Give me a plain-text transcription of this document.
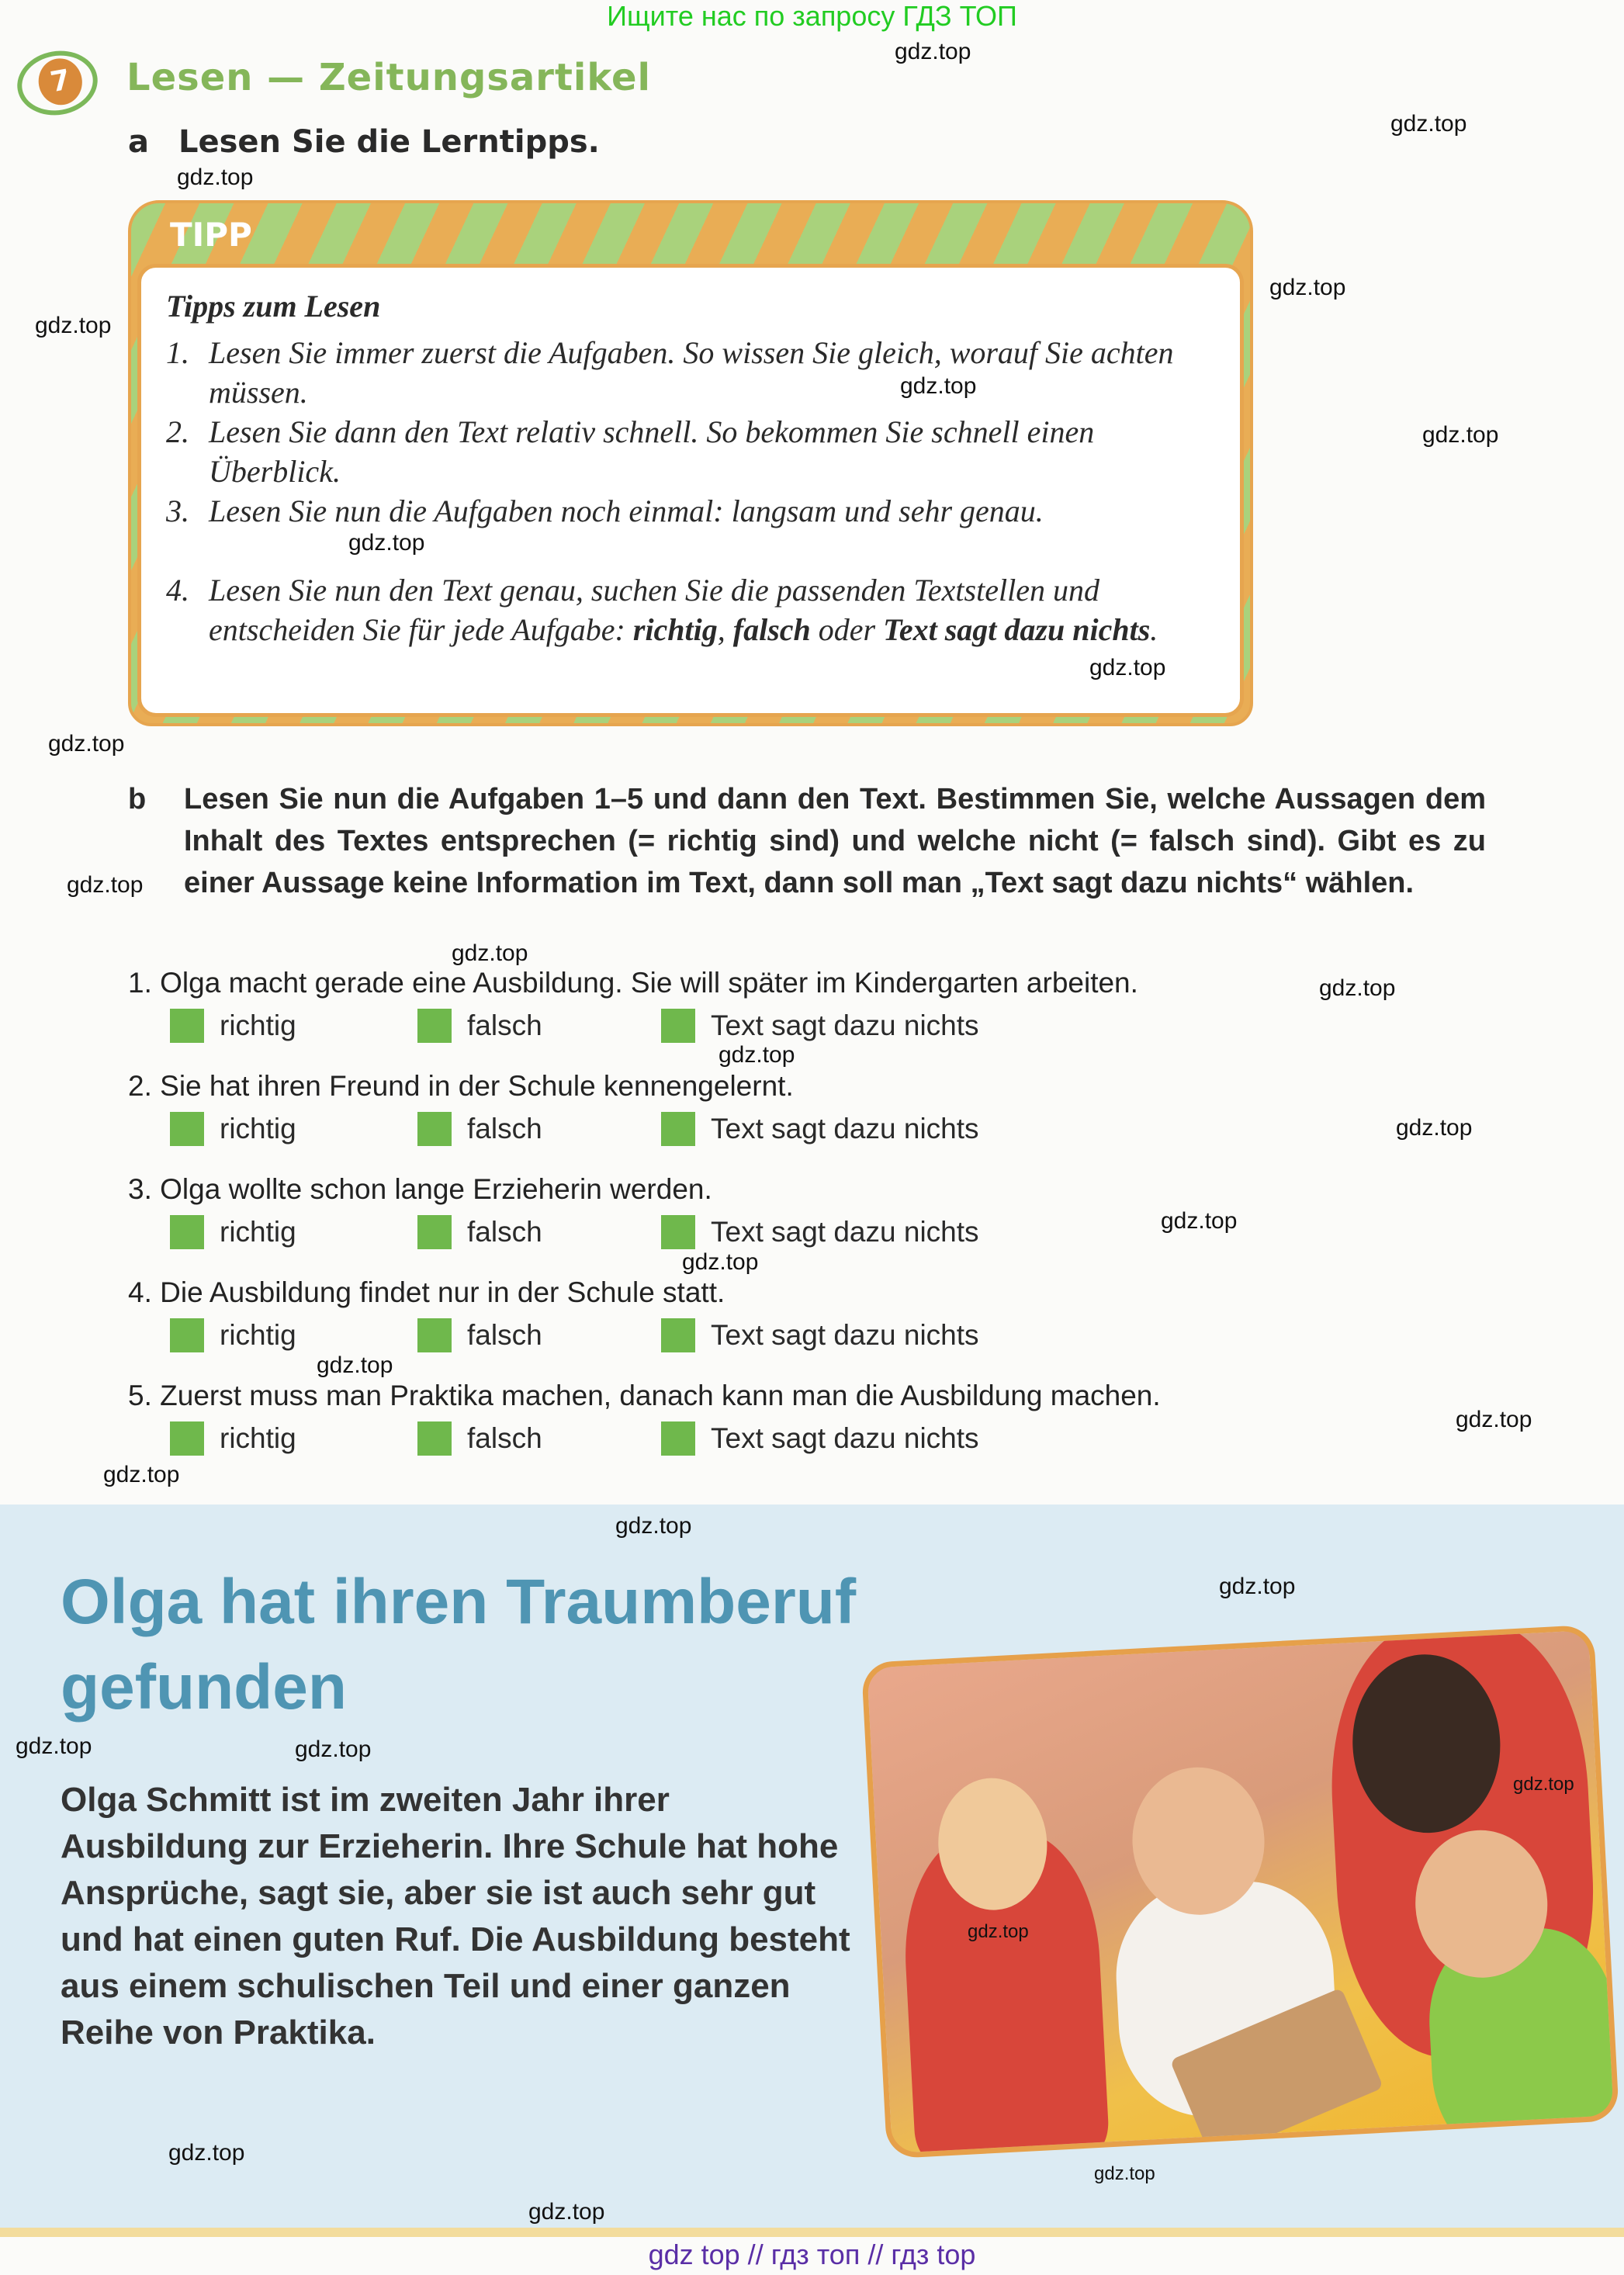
Ищите нас по запросу ГДЗ ТОП
7	Lesen — Zeitungsartikel
a Lesen Sie die Lerntipps.
TIPP
Tipps zum Lesen
1. Lesen Sie immer zuerst die Aufgaben. So wissen Sie gleich, worauf Sie achten müssen.
2. Lesen Sie dann den Text relativ schnell. So bekommen Sie schnell einen Überblick.
3. Lesen Sie nun die Aufgaben noch einmal: langsam und sehr genau.
4. Lesen Sie nun den Text genau, suchen Sie die passenden Textstellen und entscheiden Sie für jede Aufgabe: richtig, falsch oder Text sagt dazu nichts.
b Lesen Sie nun die Aufgaben 1–5 und dann den Text. Bestimmen Sie, welche Aussagen dem Inhalt des Textes entsprechen (= richtig sind) und welche nicht (= falsch sind). Gibt es zu einer Aussage keine Information im Text, dann soll man „Text sagt dazu nichts“ wählen.
1. Olga macht gerade eine Ausbildung. Sie will später im Kindergarten arbeiten.
richtig	falsch	Text sagt dazu nichts
2. Sie hat ihren Freund in der Schule kennengelernt.
richtig	falsch	Text sagt dazu nichts
3. Olga wollte schon lange Erzieherin werden.
richtig	falsch	Text sagt dazu nichts
4. Die Ausbildung findet nur in der Schule statt.
richtig	falsch	Text sagt dazu nichts
5. Zuerst muss man Praktika machen, danach kann man die Ausbildung machen.
richtig	falsch	Text sagt dazu nichts
Olga hat ihren Traumberuf
gefunden
Olga Schmitt ist im zweiten Jahr ihrer Ausbildung zur Erzieherin. Ihre Schule hat hohe Ansprüche, sagt sie, aber sie ist auch sehr gut und hat einen guten Ruf. Die Ausbildung besteht aus einem schulischen Teil und einer ganzen Reihe von Praktika.
gdz.top
gdz.top
gdz.top
gdz.top
gdz.top
gdz.top
gdz.top
gdz.top
gdz.top
gdz.top
gdz.top
gdz.top
gdz.top
gdz.top
gdz.top
gdz.top
gdz.top
gdz.top
gdz.top
gdz.top
gdz.top
gdz.top
gdz.top	gdz.top
gdz.top
gdz.top
gdz.top
gdz.top
gdz.top
gdz top // гдз топ // гдз top
